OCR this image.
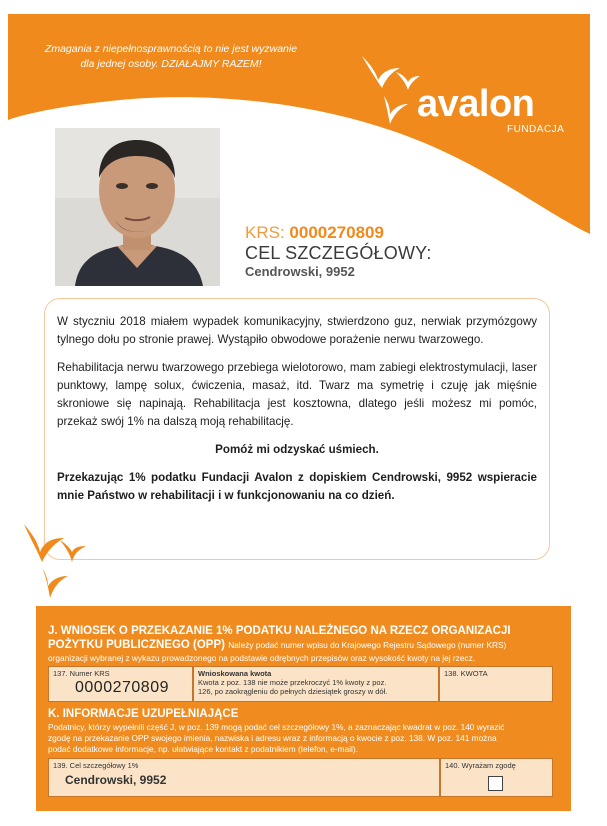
Zmagania z niepełnosprawnością to nie jest wyzwanie
dla jednej osoby. DZIAŁAJMY RAZEM!
avalon
FUNDACJA
KRS: 0000270809
CEL SZCZEGÓŁOWY:
Cendrowski, 9952

W styczniu 2018 miałem wypadek komunikacyjny, stwierdzono guz, nerwiak przymózgowy tylnego dołu po stronie prawej. Wystąpiło obwodowe porażenie nerwu twarzowego.

Rehabilitacja nerwu twarzowego przebiega wielotorowo, mam zabiegi elektrostymulacji, laser punktowy, lampę solux, ćwiczenia, masaż, itd. Twarz ma symetrię i czuję jak mięśnie skroniowe się napinają. Rehabilitacja jest kosztowna, dlatego jeśli możesz mi pomóc, przekaż swój 1% na dalszą moją rehabilitację.

Pomóż mi odzyskać uśmiech.

Przekazując 1% podatku Fundacji Avalon z dopiskiem Cendrowski, 9952 wspieracie mnie Państwo w rehabilitacji i w funkcjonowaniu na co dzień.

J. WNIOSEK O PRZEKAZANIE 1% PODATKU NALEŻNEGO NA RZECZ ORGANIZACJI
POŻYTKU PUBLICZNEGO (OPP) Należy podać numer wpisu do Krajowego Rejestru Sądowego (numer KRS)
organizacji wybranej z wykazu prowadzonego na podstawie odrębnych przepisów oraz wysokość kwoty na jej rzecz.
137. Numer KRS
0000270809
Wnioskowana kwota
Kwota z poz. 138 nie może przekroczyć 1% kwoty z poz.
126, po zaokrągleniu do pełnych dziesiątek groszy w dół.
138. KWOTA
K. INFORMACJE UZUPEŁNIAJĄCE
Podatnicy, którzy wypełnili część J, w poz. 139 mogą podać cel szczegółowy 1%, a zaznaczając kwadrat w poz. 140 wyrazić
zgodę na przekazanie OPP swojego imienia, nazwiska i adresu wraz z informacją o kwocie z poz. 138. W poz. 141 można
podać dodatkowe informacje, np. ułatwiające kontakt z podatnikiem (telefon, e-mail).
139. Cel szczegółowy 1%
Cendrowski, 9952
140. Wyrażam zgodę
